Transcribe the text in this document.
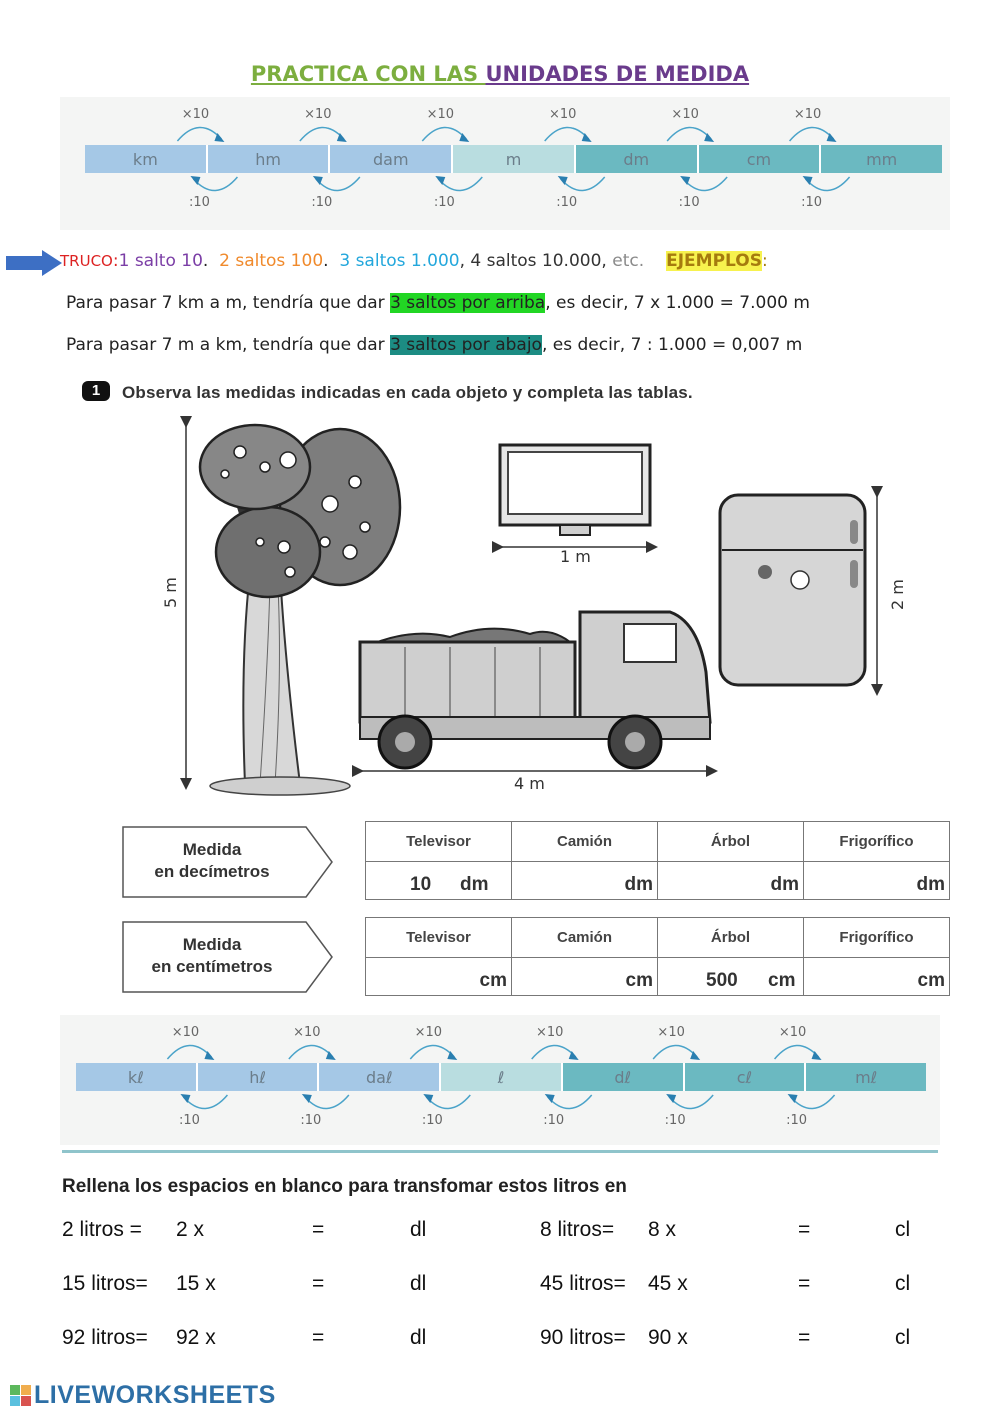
PRACTICA CON LAS UNIDADES DE MEDIDA
km	hm	dam	m	dm	cm	mm
×10
:10
×10
:10
×10
:10
×10
:10
×10
:10
×10
:10
TRUCO:1 salto 10.  2 saltos 100.  3 saltos 1.000, 4 saltos 10.000, etc. EJEMPLOS:
Para pasar 7 km a m, tendría que dar 3 saltos por arriba, es decir, 7 x 1.000 = 7.000 m
Para pasar 7 m a km, tendría que dar 3 saltos por abajo, es decir, 7 : 1.000 = 0,007 m
1	Observa las medidas indicadas en cada objeto y completa las tablas.
5 m
1 m
2 m
4 m
Medida
en decímetros
Televisor	Camión	Árbol	Frigorífico

10 dm	dm	dm	dm
Medida
en centímetros
Televisor	Camión	Árbol	Frigorífico

cm	cm	500 cm	cm
kℓ	hℓ	daℓ	ℓ	dℓ	cℓ	mℓ
×10
:10
×10
:10
×10
:10
×10
:10
×10
:10
×10
:10
Rellena los espacios en blanco para transfomar estos litros en
2 litros = 2 x	=	dl	8 litros= 8 x	=	cl
15 litros= 15 x	=	dl	45 litros= 45 x	=	cl
92 litros= 92 x	=	dl	90 litros= 90 x	=	cl
LIVEWORKSHEETS
